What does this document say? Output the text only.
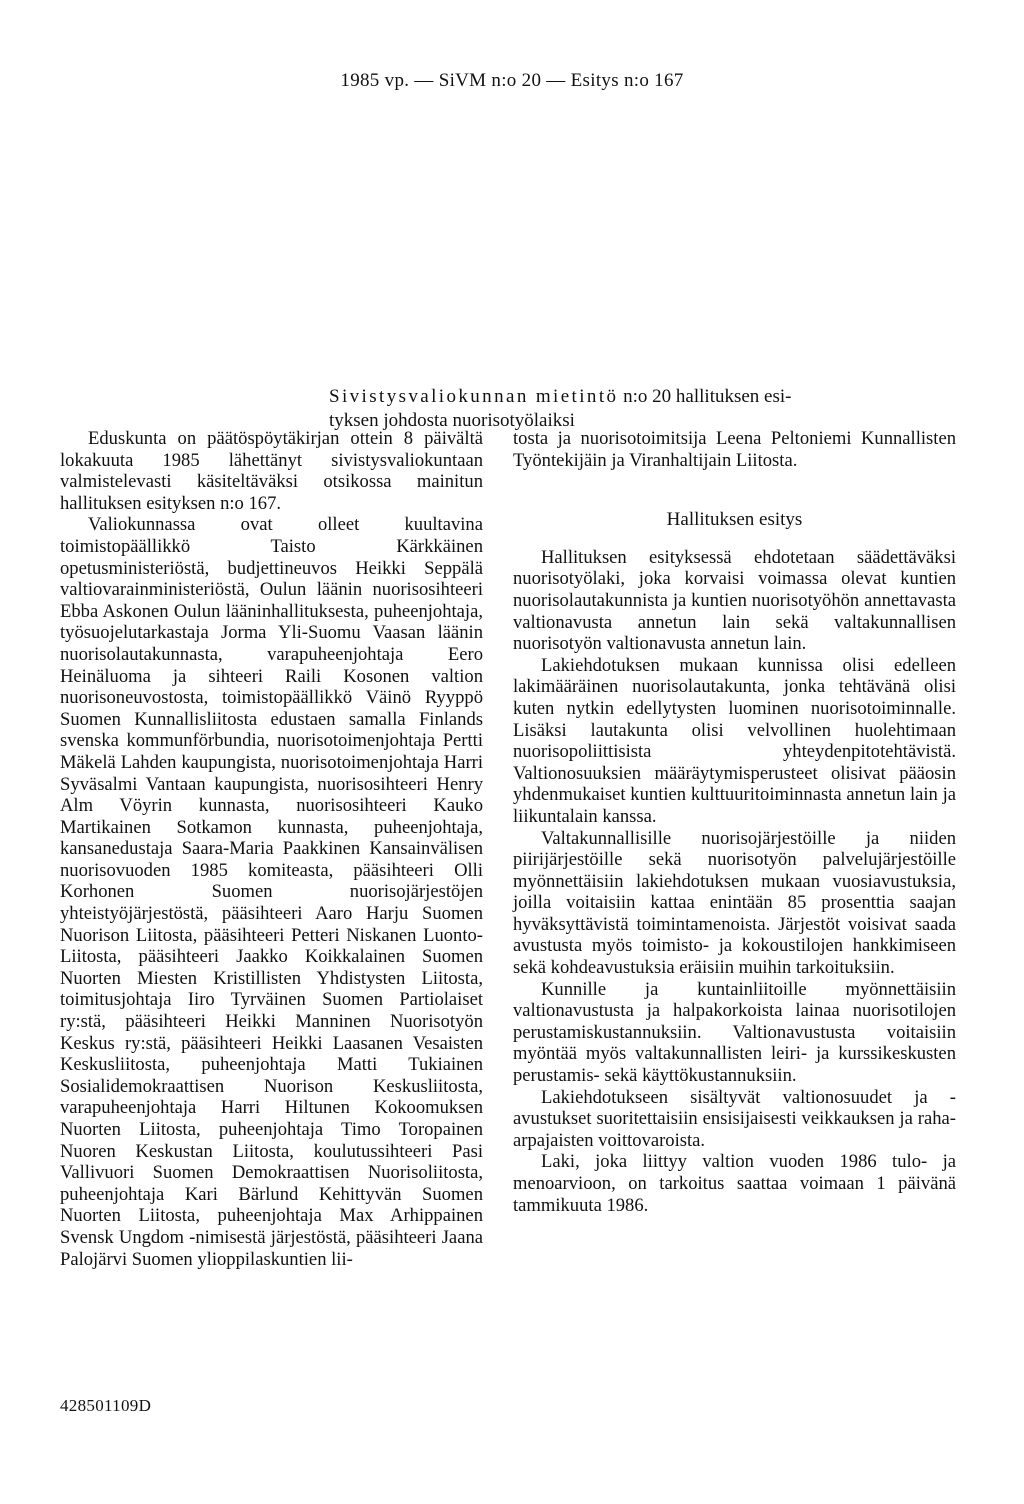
1985 vp. — SiVM n:o 20 — Esitys n:o 167
Sivistysvaliokunnan mietintö n:o 20 hallituksen esi-
tyksen johdosta nuorisotyölaiksi

Eduskunta on päätöspöytäkirjan ottein 8 päivältä lokakuuta 1985 lähettänyt sivistysvaliokuntaan valmistelevasti käsiteltäväksi otsikossa mainitun hallituksen esityksen n:o 167.

Valiokunnassa ovat olleet kuultavina toimistopäällikkö Taisto Kärkkäinen opetusministeriöstä, budjettineuvos Heikki Seppälä valtiovarainministeriöstä, Oulun läänin nuorisosihteeri Ebba Askonen Oulun lääninhallituksesta, puheenjohtaja, työsuojelutarkastaja Jorma Yli-Suomu Vaasan läänin nuorisolautakunnasta, varapuheenjohtaja Eero Heinäluoma ja sihteeri Raili Kosonen valtion nuorisoneuvostosta, toimistopäällikkö Väinö Ryyppö Suomen Kunnallisliitosta edustaen samalla Finlands svenska kommunförbundia, nuorisotoimenjohtaja Pertti Mäkelä Lahden kaupungista, nuorisotoimenjohtaja Harri Syväsalmi Vantaan kaupungista, nuorisosihteeri Henry Alm Vöyrin kunnasta, nuorisosihteeri Kauko Martikainen Sotkamon kunnasta, puheenjohtaja, kansanedustaja Saara-Maria Paakkinen Kansainvälisen nuorisovuoden 1985 komiteasta, pääsihteeri Olli Korhonen Suomen nuorisojärjestöjen yhteistyöjärjestöstä, pääsihteeri Aaro Harju Suomen Nuorison Liitosta, pääsihteeri Petteri Niskanen Luonto-Liitosta, pääsihteeri Jaakko Koikkalainen Suomen Nuorten Miesten Kristillisten Yhdistysten Liitosta, toimitusjohtaja Iiro Tyrväinen Suomen Partiolaiset ry:stä, pääsihteeri Heikki Manninen Nuorisotyön Keskus ry:stä, pääsihteeri Heikki Laasanen Vesaisten Keskusliitosta, puheenjohtaja Matti Tukiainen Sosialidemokraattisen Nuorison Keskusliitosta, varapuheenjohtaja Harri Hiltunen Kokoomuksen Nuorten Liitosta, puheenjohtaja Timo Toropainen Nuoren Keskustan Liitosta, koulutussihteeri Pasi Vallivuori Suomen Demokraattisen Nuorisoliitosta, puheenjohtaja Kari Bärlund Kehittyvän Suomen Nuorten Liitosta, puheenjohtaja Max Arhippainen Svensk Ungdom -nimisestä järjestöstä, pääsihteeri Jaana Palojärvi Suomen ylioppilaskuntien lii-

tosta ja nuorisotoimitsija Leena Peltoniemi Kunnallisten Työntekijäin ja Viranhaltijain Liitosta.

Hallituksen esitys

Hallituksen esityksessä ehdotetaan säädettäväksi nuorisotyölaki, joka korvaisi voimassa olevat kuntien nuorisolautakunnista ja kuntien nuorisotyöhön annettavasta valtionavusta annetun lain sekä valtakunnallisen nuorisotyön valtionavusta annetun lain.

Lakiehdotuksen mukaan kunnissa olisi edelleen lakimääräinen nuorisolautakunta, jonka tehtävänä olisi kuten nytkin edellytysten luominen nuorisotoiminnalle. Lisäksi lautakunta olisi velvollinen huolehtimaan nuorisopoliittisista yhteydenpitotehtävistä. Valtionosuuksien määräytymisperusteet olisivat pääosin yhdenmukaiset kuntien kulttuuritoiminnasta annetun lain ja liikuntalain kanssa.

Valtakunnallisille nuorisojärjestöille ja niiden piirijärjestöille sekä nuorisotyön palvelujärjestöille myönnettäisiin lakiehdotuksen mukaan vuosiavustuksia, joilla voitaisiin kattaa enintään 85 prosenttia saajan hyväksyttävistä toimintamenoista. Järjestöt voisivat saada avustusta myös toimisto- ja kokoustilojen hankkimiseen sekä kohdeavustuksia eräisiin muihin tarkoituksiin.

Kunnille ja kuntainliitoille myönnettäisiin valtionavustusta ja halpakorkoista lainaa nuorisotilojen perustamiskustannuksiin. Valtionavustusta voitaisiin myöntää myös valtakunnallisten leiri- ja kurssikeskusten perustamis- sekä käyttökustannuksiin.

Lakiehdotukseen sisältyvät valtionosuudet ja -avustukset suoritettaisiin ensisijaisesti veikkauksen ja raha-arpajaisten voittovaroista.

Laki, joka liittyy valtion vuoden 1986 tulo- ja menoarvioon, on tarkoitus saattaa voimaan 1 päivänä tammikuuta 1986.

428501109D
